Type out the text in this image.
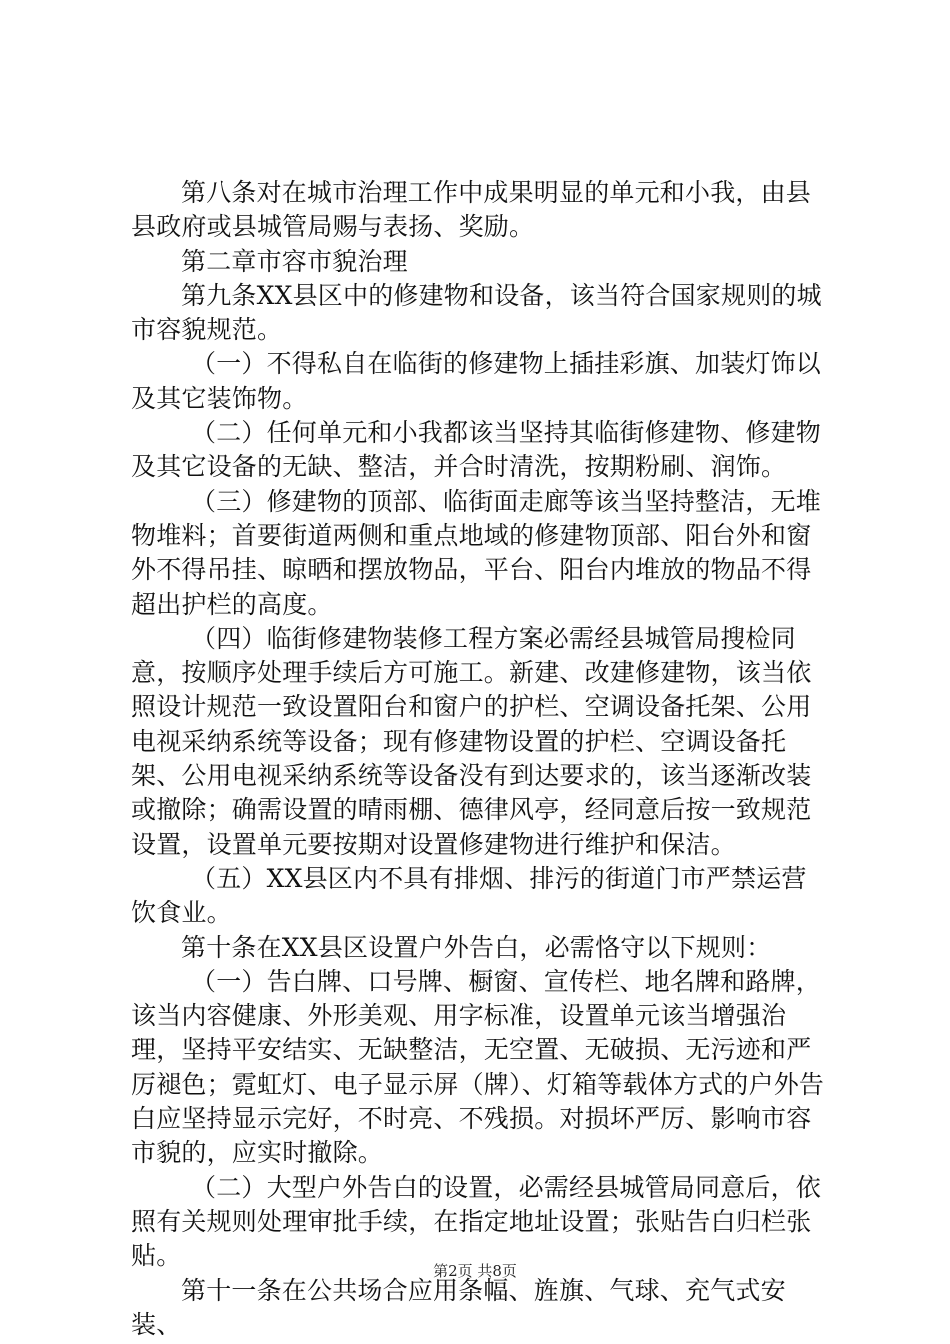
第八条对在城市治理工作中成果明显的单元和小我，由县县政府或县城管局赐与表扬、奖励。

第二章市容市貌治理

第九条XX县区中的修建物和设备，该当符合国家规则的城市容貌规范。

（一）不得私自在临街的修建物上插挂彩旗、加装灯饰以及其它装饰物。

（二）任何单元和小我都该当坚持其临街修建物、修建物及其它设备的无缺、整洁，并合时清洗，按期粉刷、润饰。

（三）修建物的顶部、临街面走廊等该当坚持整洁，无堆物堆料；首要街道两侧和重点地域的修建物顶部、阳台外和窗外不得吊挂、晾晒和摆放物品，平台、阳台内堆放的物品不得超出护栏的高度。

（四）临街修建物装修工程方案必需经县城管局搜检同意，按顺序处理手续后方可施工。新建、改建修建物，该当依照设计规范一致设置阳台和窗户的护栏、空调设备托架、公用电视采纳系统等设备；现有修建物设置的护栏、空调设备托架、公用电视采纳系统等设备没有到达要求的，该当逐渐改装或撤除；确需设置的晴雨棚、德律风亭，经同意后按一致规范设置，设置单元要按期对设置修建物进行维护和保洁。

（五）XX县区内不具有排烟、排污的街道门市严禁运营饮食业。

第十条在XX县区设置户外告白，必需恪守以下规则：

（一）告白牌、口号牌、橱窗、宣传栏、地名牌和路牌，该当内容健康、外形美观、用字标准，设置单元该当增强治理，坚持平安结实、无缺整洁，无空置、无破损、无污迹和严厉褪色；霓虹灯、电子显示屏（牌）、灯箱等载体方式的户外告白应坚持显示完好，不时亮、不残损。对损坏严厉、影响市容市貌的，应实时撤除。

（二）大型户外告白的设置，必需经县城管局同意后，依照有关规则处理审批手续，在指定地址设置；张贴告白归栏张贴。

第十一条在公共场合应用条幅、旌旗、气球、充气式安装、

第2页 共8页
